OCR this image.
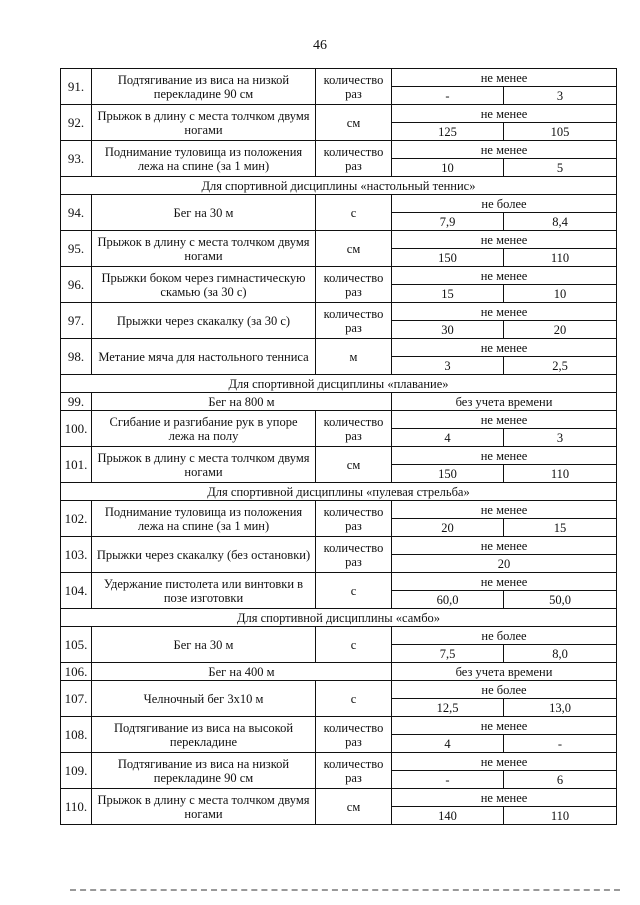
46
91.	Подтягивание из виса на низкой перекладине 90 см	количество раз	не менее	
			-	3
92.	Прыжок в длину с места толчком двумя ногами	см	не менее	
			125	105
93.	Поднимание туловища из положения лежа на спине (за 1 мин)	количество раз	не менее	
			10	5
Для спортивной дисциплины «настольный теннис»				
94.	Бег на 30 м	с	не более	
			7,9	8,4
95.	Прыжок в длину с места толчком двумя ногами	см	не менее	
			150	110
96.	Прыжки боком через гимнастическую скамью (за 30 с)	количество раз	не менее	
			15	10
97.	Прыжки через скакалку (за 30 с)	количество раз	не менее	
			30	20
98.	Метание мяча для настольного тенниса	м	не менее	
			3	2,5
Для спортивной дисциплины «плавание»				
99.	Бег на 800 м		без учета времени	
100.	Сгибание и разгибание рук в упоре лежа на полу	количество раз	не менее	
			4	3
101.	Прыжок в длину с места толчком двумя ногами	см	не менее	
			150	110
Для спортивной дисциплины «пулевая стрельба»				
102.	Поднимание туловища из положения лежа на спине (за 1 мин)	количество раз	не менее	
			20	15
103.	Прыжки через скакалку (без остановки)	количество раз	не менее	
			20	
104.	Удержание пистолета или винтовки в позе изготовки	с	не менее	
			60,0	50,0
Для спортивной дисциплины «самбо»				
105.	Бег на 30 м	с	не более	
			7,5	8,0
106.	Бег на 400 м		без учета времени	
107.	Челночный бег 3х10 м	с	не более	
			12,5	13,0
108.	Подтягивание из виса на высокой перекладине	количество раз	не менее	
			4	-
109.	Подтягивание из виса на низкой перекладине 90 см	количество раз	не менее	
			-	6
110.	Прыжок в длину с места толчком двумя ногами	см	не менее	
			140	110
